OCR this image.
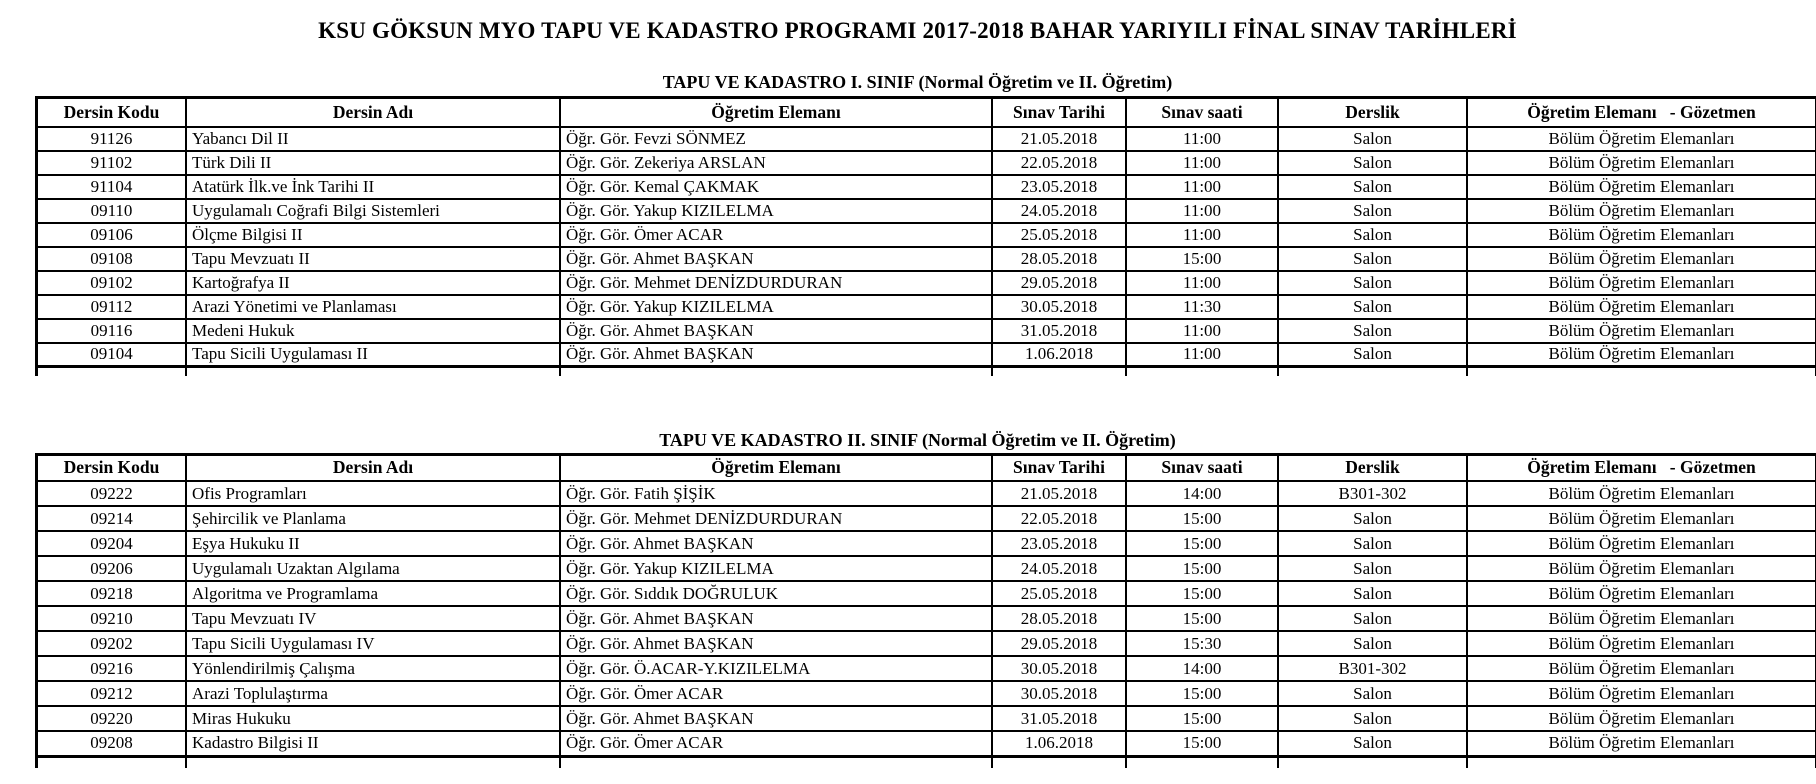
KSU GÖKSUN MYO TAPU VE KADASTRO PROGRAMI 2017-2018 BAHAR YARIYILI FİNAL SINAV TARİHLERİ
TAPU VE KADASTRO I. SINIF (Normal Öğretim ve II. Öğretim)
Dersin Kodu	Dersin Adı	Öğretim Elemanı	Sınav Tarihi	Sınav saati	Derslik	Öğretim Elemanı   - Gözetmen
91126	Yabancı Dil II	Öğr. Gör. Fevzi SÖNMEZ	21.05.2018	11:00	Salon	Bölüm Öğretim Elemanları
91102	Türk Dili II	Öğr. Gör. Zekeriya ARSLAN	22.05.2018	11:00	Salon	Bölüm Öğretim Elemanları
91104	Atatürk İlk.ve İnk Tarihi II	Öğr. Gör. Kemal ÇAKMAK	23.05.2018	11:00	Salon	Bölüm Öğretim Elemanları
09110	Uygulamalı Coğrafi Bilgi Sistemleri	Öğr. Gör. Yakup KIZILELMA	24.05.2018	11:00	Salon	Bölüm Öğretim Elemanları
09106	Ölçme Bilgisi II	Öğr. Gör. Ömer ACAR	25.05.2018	11:00	Salon	Bölüm Öğretim Elemanları
09108	Tapu Mevzuatı II	Öğr. Gör. Ahmet BAŞKAN	28.05.2018	15:00	Salon	Bölüm Öğretim Elemanları
09102	Kartoğrafya II	Öğr. Gör. Mehmet DENİZDURDURAN	29.05.2018	11:00	Salon	Bölüm Öğretim Elemanları
09112	Arazi Yönetimi ve Planlaması	Öğr. Gör. Yakup KIZILELMA	30.05.2018	11:30	Salon	Bölüm Öğretim Elemanları
09116	Medeni Hukuk	Öğr. Gör. Ahmet BAŞKAN	31.05.2018	11:00	Salon	Bölüm Öğretim Elemanları
09104	Tapu Sicili Uygulaması II	Öğr. Gör. Ahmet BAŞKAN	1.06.2018	11:00	Salon	Bölüm Öğretim Elemanları

TAPU VE KADASTRO II. SINIF (Normal Öğretim ve II. Öğretim)
Dersin Kodu	Dersin Adı	Öğretim Elemanı	Sınav Tarihi	Sınav saati	Derslik	Öğretim Elemanı   - Gözetmen
09222	Ofis Programları	Öğr. Gör. Fatih ŞİŞİK	21.05.2018	14:00	B301-302	Bölüm Öğretim Elemanları
09214	Şehircilik ve Planlama	Öğr. Gör. Mehmet DENİZDURDURAN	22.05.2018	15:00	Salon	Bölüm Öğretim Elemanları
09204	Eşya Hukuku II	Öğr. Gör. Ahmet BAŞKAN	23.05.2018	15:00	Salon	Bölüm Öğretim Elemanları
09206	Uygulamalı Uzaktan Algılama	Öğr. Gör. Yakup KIZILELMA	24.05.2018	15:00	Salon	Bölüm Öğretim Elemanları
09218	Algoritma ve Programlama	Öğr. Gör. Sıddık DOĞRULUK	25.05.2018	15:00	Salon	Bölüm Öğretim Elemanları
09210	Tapu Mevzuatı IV	Öğr. Gör. Ahmet BAŞKAN	28.05.2018	15:00	Salon	Bölüm Öğretim Elemanları
09202	Tapu Sicili Uygulaması IV	Öğr. Gör. Ahmet BAŞKAN	29.05.2018	15:30	Salon	Bölüm Öğretim Elemanları
09216	Yönlendirilmiş Çalışma	Öğr. Gör. Ö.ACAR-Y.KIZILELMA	30.05.2018	14:00	B301-302	Bölüm Öğretim Elemanları
09212	Arazi Toplulaştırma	Öğr. Gör. Ömer ACAR	30.05.2018	15:00	Salon	Bölüm Öğretim Elemanları
09220	Miras Hukuku	Öğr. Gör. Ahmet BAŞKAN	31.05.2018	15:00	Salon	Bölüm Öğretim Elemanları
09208	Kadastro Bilgisi II	Öğr. Gör. Ömer ACAR	1.06.2018	15:00	Salon	Bölüm Öğretim Elemanları
